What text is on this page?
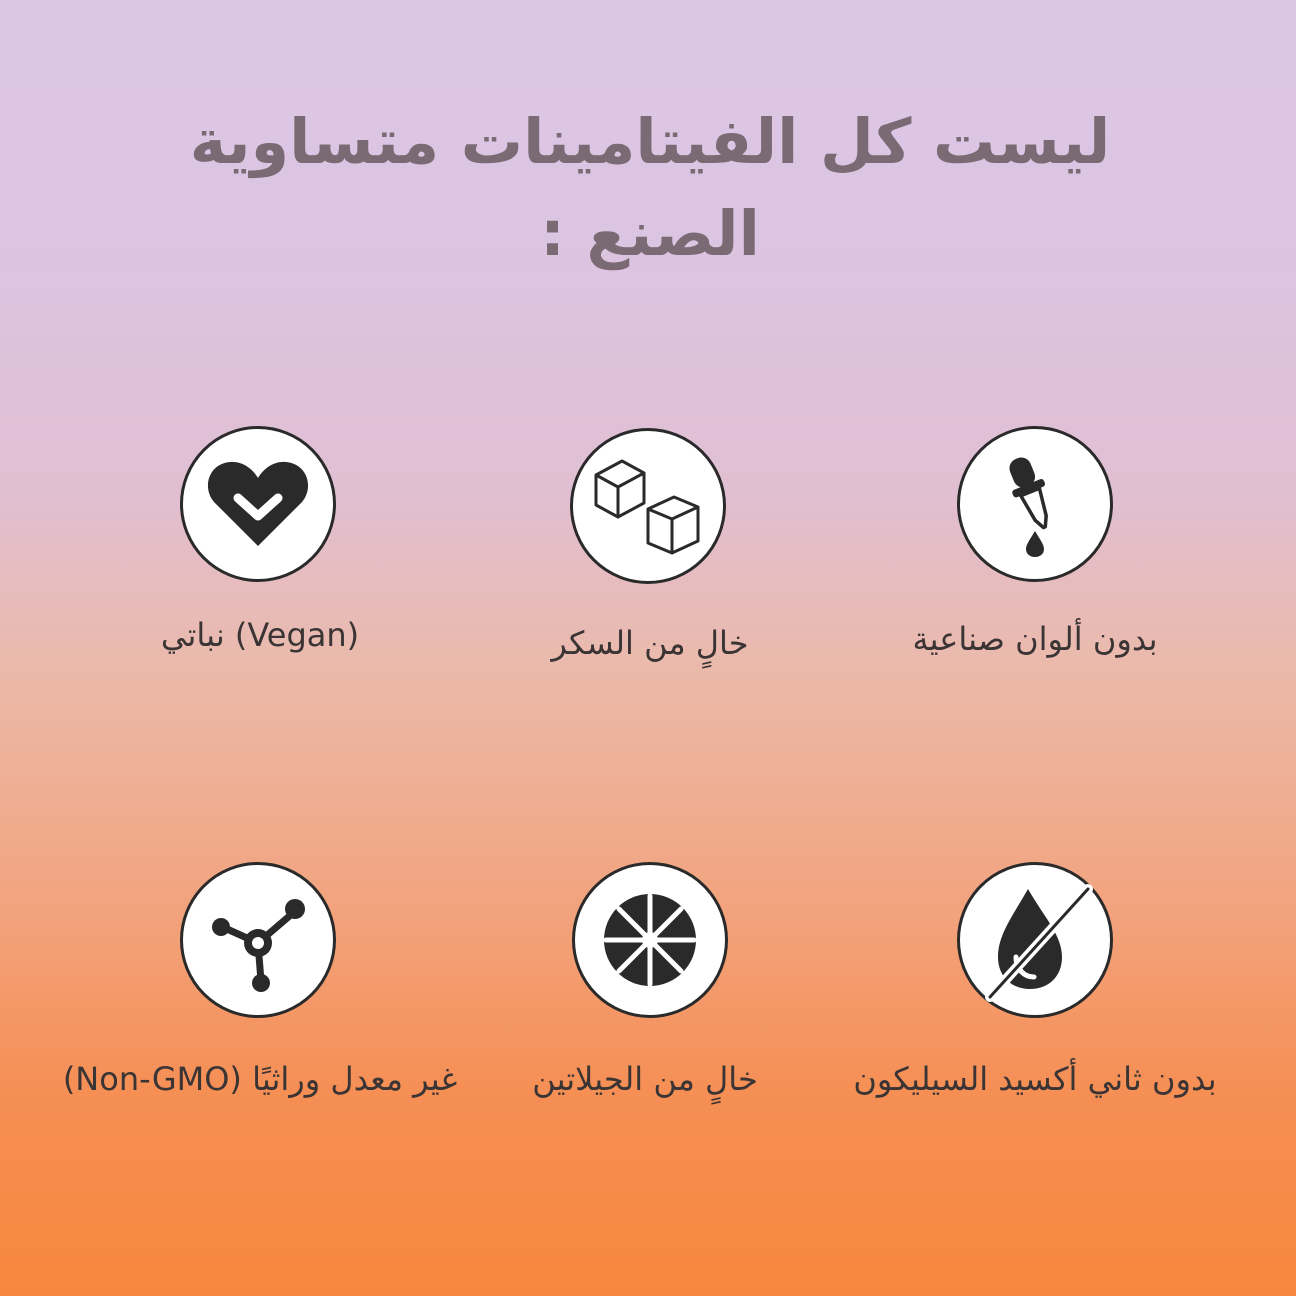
ليست كل الفيتامينات متساوية الصنع :

بدون ألوان صناعية

خالٍ من السكر

(Vegan) نباتي

بدون ثاني أكسيد السيليكون

خالٍ من الجيلاتين

غير معدل وراثيًا (Non-GMO)
